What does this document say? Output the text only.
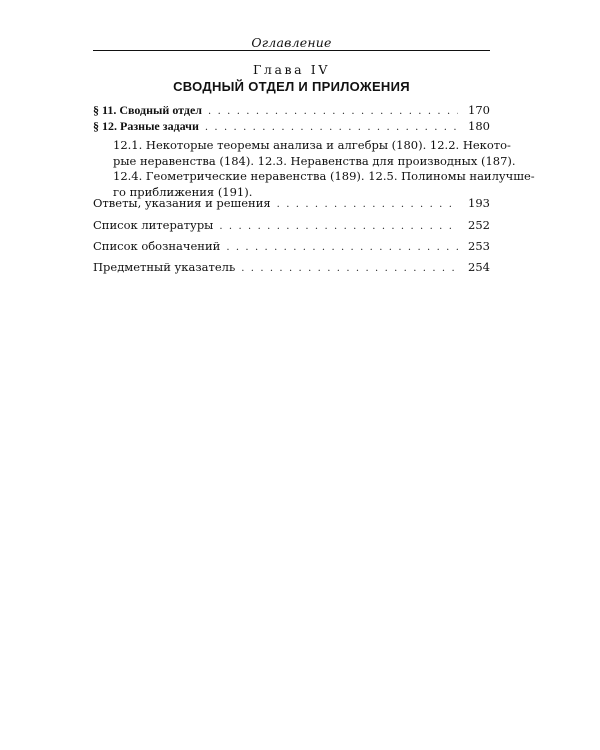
Оглавление
Глава IV
СВОДНЫЙ ОТДЕЛ И ПРИЛОЖЕНИЯ
§ 11. Сводный отдел . . .	170
§ 12. Разные задачи . . .	180
12.1. Некоторые теоремы анализа и алгебры (180). 12.2. Некото-
рые неравенства (184). 12.3. Неравенства для производных (187).
12.4. Геометрические неравенства (189). 12.5. Полиномы наилучше-
го приближения (191).
Ответы, указания и решения . . .	193
Список литературы . . .	252
Список обозначений . . .	253
Предметный указатель . . .	254
